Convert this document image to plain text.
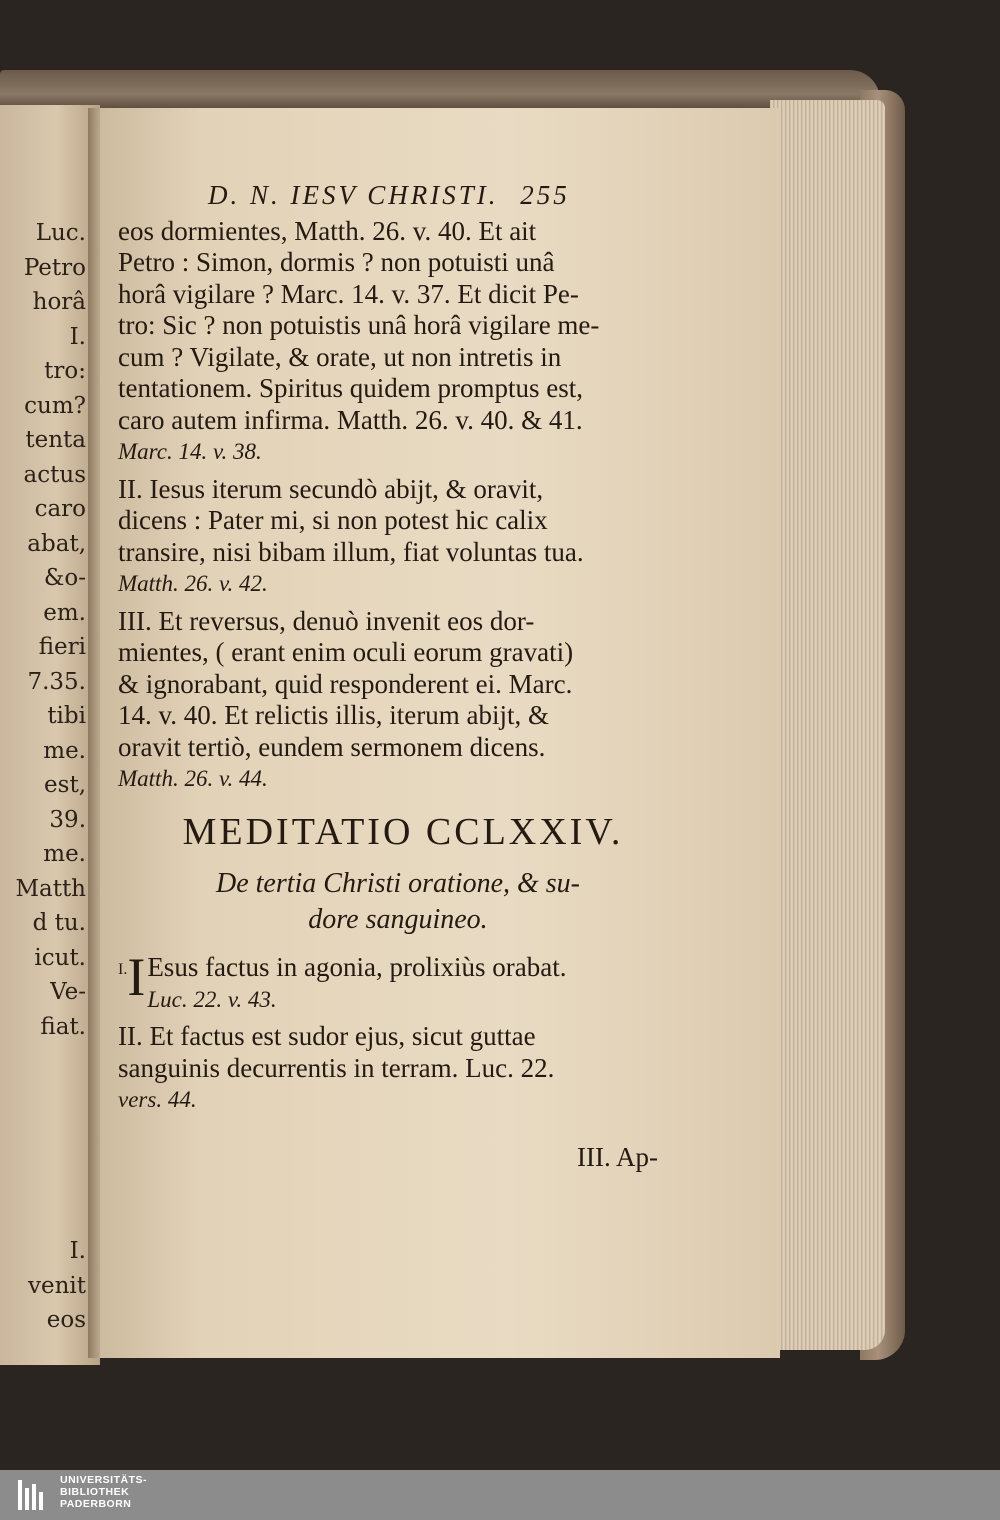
Luc.
Petro
horâ
I.
tro:
cum?
tenta
actus
caro
abat,
&o-
em.
fieri
7.35.
tibi
me.
est,
39.
me.
Matth
d tu.
icut.
Ve-
fiat.
I.
venit
eos
D. N. IESV CHRISTI. 255
eos dormientes, Matth. 26. v. 40. Et ait
Petro : Simon, dormis ? non potuisti unâ
horâ vigilare ? Marc. 14. v. 37. Et dicit Pe-
tro: Sic ? non potuistis unâ horâ vigilare me-
cum ? Vigilate, & orate, ut non intretis in
tentationem. Spiritus quidem promptus est,
caro autem infirma. Matth. 26. v. 40. & 41.
Marc. 14. v. 38.
II. Iesus iterum secundò abijt, & oravit,
dicens : Pater mi, si non potest hic calix
transire, nisi bibam illum, fiat voluntas tua.
Matth. 26. v. 42.
III. Et reversus, denuò invenit eos dor-
mientes, ( erant enim oculi eorum gravati)
& ignorabant, quid responderent ei. Marc.
14. v. 40. Et relictis illis, iterum abijt, &
oravit tertiò, eundem sermonem dicens.
Matth. 26. v. 44.
MEDITATIO CCLXXIV.
De tertia Christi oratione, & su-
dore sanguineo.
I. I Esus factus in agonia, prolixiùs orabat.
Luc. 22. v. 43.
II. Et factus est sudor ejus, sicut guttae
sanguinis decurrentis in terram. Luc. 22.
vers. 44.
III. Ap-
UNIVERSITÄTS-
BIBLIOTHEK
PADERBORN
